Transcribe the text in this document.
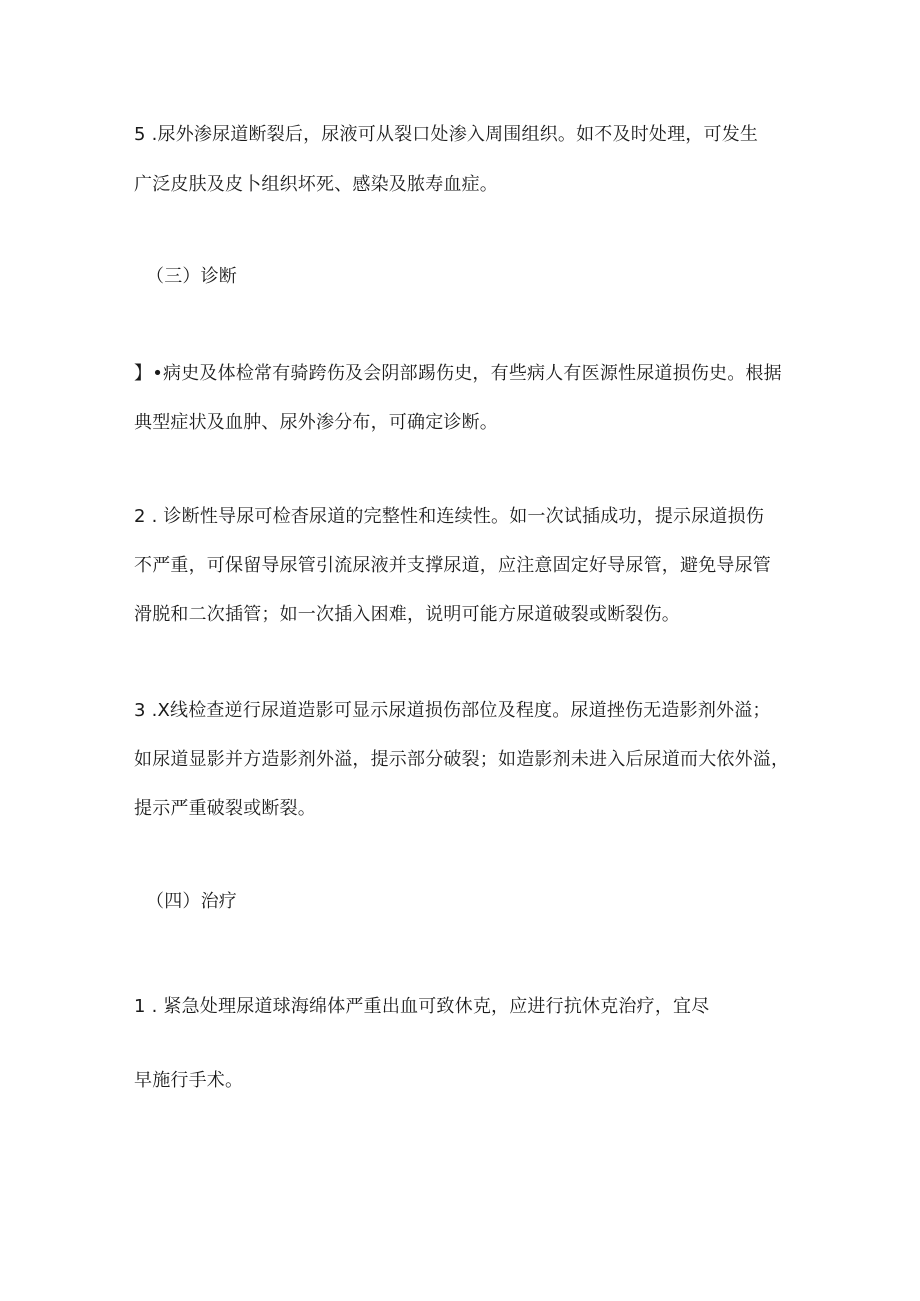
5 .尿外渗尿道断裂后，尿液可从裂口处渗入周围组织。如不及时处理，可发生
广泛皮肤及皮卜组织坏死、感染及脓寿血症。
（三）诊断
】•病史及体检常有骑跨伤及会阴部踢伤史，有些病人有医源性尿道损伤史。根据
典型症状及血肿、尿外渗分布，可确定诊断。
2 . 诊断性导尿可检杳尿道的完整性和连续性。如一次试插成功，提示尿道损伤
不严重，可保留导尿管引流尿液并支撑尿道，应注意固定好导尿管，避免导尿管
滑脱和二次插管；如一次插入困难，说明可能方尿道破裂或断裂伤。
3 .X线检查逆行尿道造影可显示尿道损伤部位及程度。尿道挫伤无造影剂外溢；
如尿道显影并方造影剂外溢，提示部分破裂；如造影剂未进入后尿道而大依外溢，
提示严重破裂或断裂。
（四）治疗
1 . 紧急处理尿道球海绵体严重出血可致休克，应进行抗休克治疗，宜尽
早施行手术。
